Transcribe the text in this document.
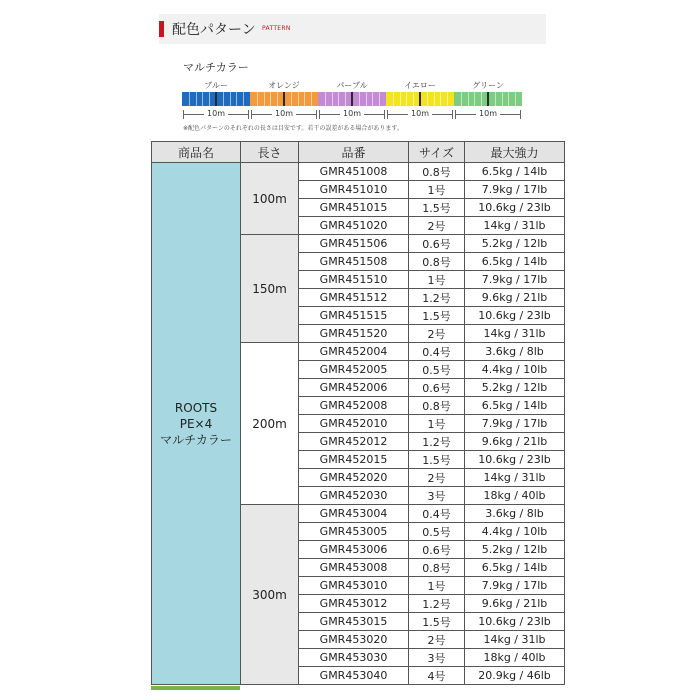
配色パターン PATTERN
マルチカラー
ブルー	オレンジ	パープル	イエロー	グリーン
10m	10m	10m	10m	10m
※配色パターンのそれぞれの長さは目安です。若干の誤差がある場合があります。
商品名	長さ	品番	サイズ	最大強力
ROOTS
PE×4
マルチカラー	100m	GMR451008	0.8号	6.5kg / 14lb
		GMR451010	1号	7.9kg / 17lb
		GMR451015	1.5号	10.6kg / 23lb
		GMR451020	2号	14kg / 31lb
	150m	GMR451506	0.6号	5.2kg / 12lb
		GMR451508	0.8号	6.5kg / 14lb
		GMR451510	1号	7.9kg / 17lb
		GMR451512	1.2号	9.6kg / 21lb
		GMR451515	1.5号	10.6kg / 23lb
		GMR451520	2号	14kg / 31lb
	200m	GMR452004	0.4号	3.6kg / 8lb
		GMR452005	0.5号	4.4kg / 10lb
		GMR452006	0.6号	5.2kg / 12lb
		GMR452008	0.8号	6.5kg / 14lb
		GMR452010	1号	7.9kg / 17lb
		GMR452012	1.2号	9.6kg / 21lb
		GMR452015	1.5号	10.6kg / 23lb
		GMR452020	2号	14kg / 31lb
		GMR452030	3号	18kg / 40lb
	300m	GMR453004	0.4号	3.6kg / 8lb
		GMR453005	0.5号	4.4kg / 10lb
		GMR453006	0.6号	5.2kg / 12lb
		GMR453008	0.8号	6.5kg / 14lb
		GMR453010	1号	7.9kg / 17lb
		GMR453012	1.2号	9.6kg / 21lb
		GMR453015	1.5号	10.6kg / 23lb
		GMR453020	2号	14kg / 31lb
		GMR453030	3号	18kg / 40lb
		GMR453040	4号	20.9kg / 46lb
